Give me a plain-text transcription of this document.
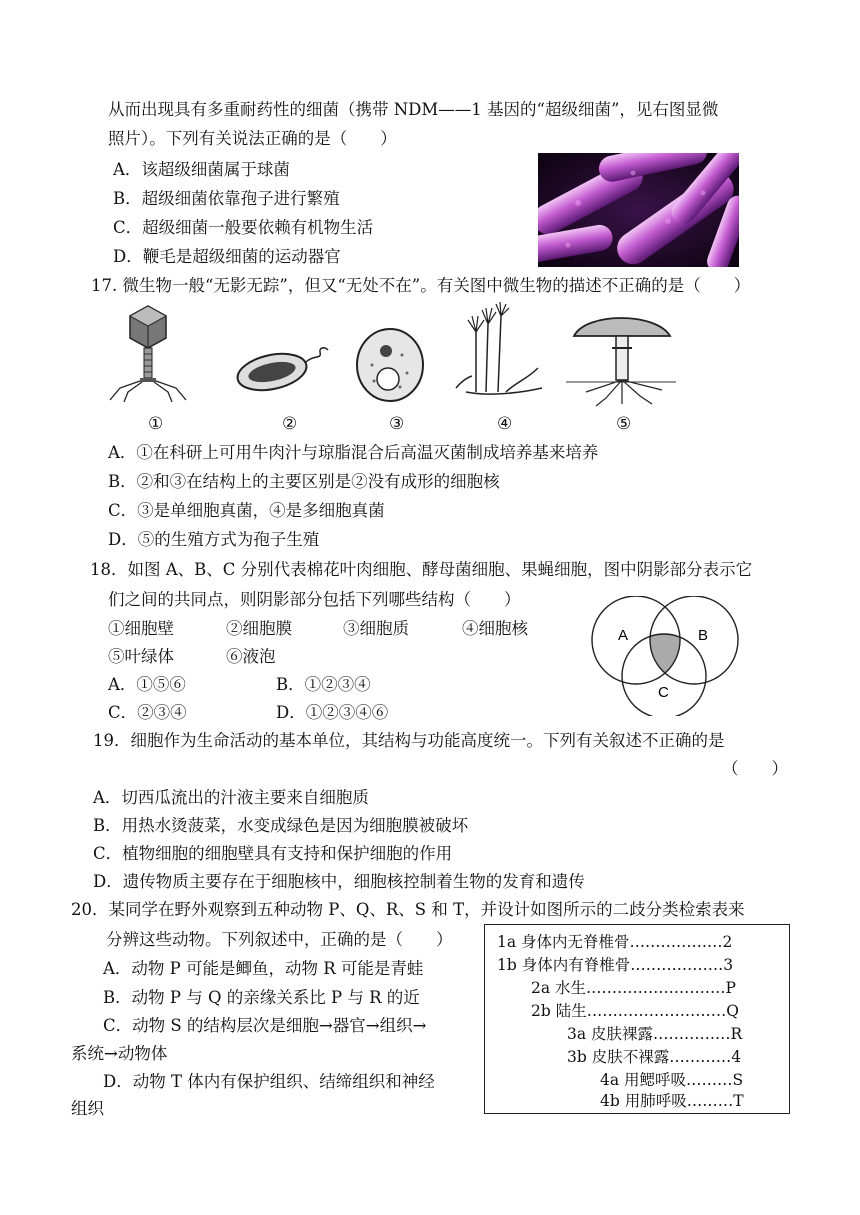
从而出现具有多重耐药性的细菌（携带 NDM——1 基因的“超级细菌”，见右图显微
照片）。下列有关说法正确的是（　　）
A．该超级细菌属于球菌
B．超级细菌依靠孢子进行繁殖
C．超级细菌一般要依赖有机物生活
D．鞭毛是超级细菌的运动器官
17. 微生物一般“无影无踪”，但又“无处不在”。有关图中微生物的描述不正确的是（　　）
①	②	③	④	⑤
A．①在科研上可用牛肉汁与琼脂混合后高温灭菌制成培养基来培养
B．②和③在结构上的主要区别是②没有成形的细胞核
C．③是单细胞真菌，④是多细胞真菌
D．⑤的生殖方式为孢子生殖
18．如图 A、B、C 分别代表棉花叶肉细胞、酵母菌细胞、果蝇细胞，图中阴影部分表示它
们之间的共同点，则阴影部分包括下列哪些结构（　　）
①细胞壁	②细胞膜	③细胞质	④细胞核
⑤叶绿体	⑥液泡
A．①⑤⑥	B．①②③④
C．②③④	D．①②③④⑥
A	B
C
19．细胞作为生命活动的基本单位，其结构与功能高度统一。下列有关叙述不正确的是
（　　）
A．切西瓜流出的汁液主要来自细胞质
B．用热水烫菠菜，水变成绿色是因为细胞膜被破坏
C．植物细胞的细胞壁具有支持和保护细胞的作用
D．遗传物质主要存在于细胞核中，细胞核控制着生物的发育和遗传
20．某同学在野外观察到五种动物 P、Q、R、S 和 T，并设计如图所示的二歧分类检索表来
分辨这些动物。下列叙述中，正确的是（　　）
A．动物 P 可能是鲫鱼，动物 R 可能是青蛙
B．动物 P 与 Q 的亲缘关系比 P 与 R 的近
C．动物 S 的结构层次是细胞→器官→组织→
系统→动物体
D．动物 T 体内有保护组织、结缔组织和神经
组织
1a 身体内无脊椎骨………………2
1b 身体内有脊椎骨………………3
2a 水生………………………P
2b 陆生………………………Q
3a 皮肤裸露……………R
3b 皮肤不裸露…………4
4a 用鳃呼吸………S
4b 用肺呼吸………T
